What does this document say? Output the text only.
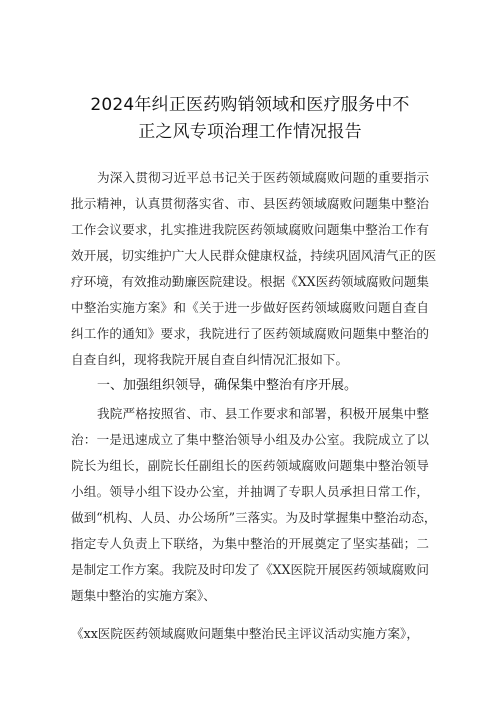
2024年纠正医药购销领域和医疗服务中不
正之风专项治理工作情况报告
为深入贯彻习近平总书记关于医药领域腐败问题的重要指示
批示精神，认真贯彻落实省、市、县医药领域腐败问题集中整治
工作会议要求，扎实推进我院医药领域腐败问题集中整治工作有
效开展，切实维护广大人民群众健康权益，持续巩固风清气正的医
疗环境，有效推动勤廉医院建设。根据《XX医药领域腐败问题集
中整治实施方案》和《关于进一步做好医药领域腐败问题自查自
纠工作的通知》要求，我院进行了医药领域腐败问题集中整治的
自查自纠，现将我院开展自查自纠情况汇报如下。
一、加强组织领导，确保集中整治有序开展。
我院严格按照省、市、县工作要求和部署，积极开展集中整
治：一是迅速成立了集中整治领导小组及办公室。我院成立了以
院长为组长，副院长任副组长的医药领域腐败问题集中整治领导
小组。领导小组下设办公室，并抽调了专职人员承担日常工作，
做到“机构、人员、办公场所”三落实。为及时掌握集中整治动态，
指定专人负责上下联络，为集中整治的开展奠定了坚实基础；二
是制定工作方案。我院及时印发了《XX医院开展医药领域腐败问
题集中整治的实施方案》、
《xx医院医药领域腐败问题集中整治民主评议活动实施方案》，
